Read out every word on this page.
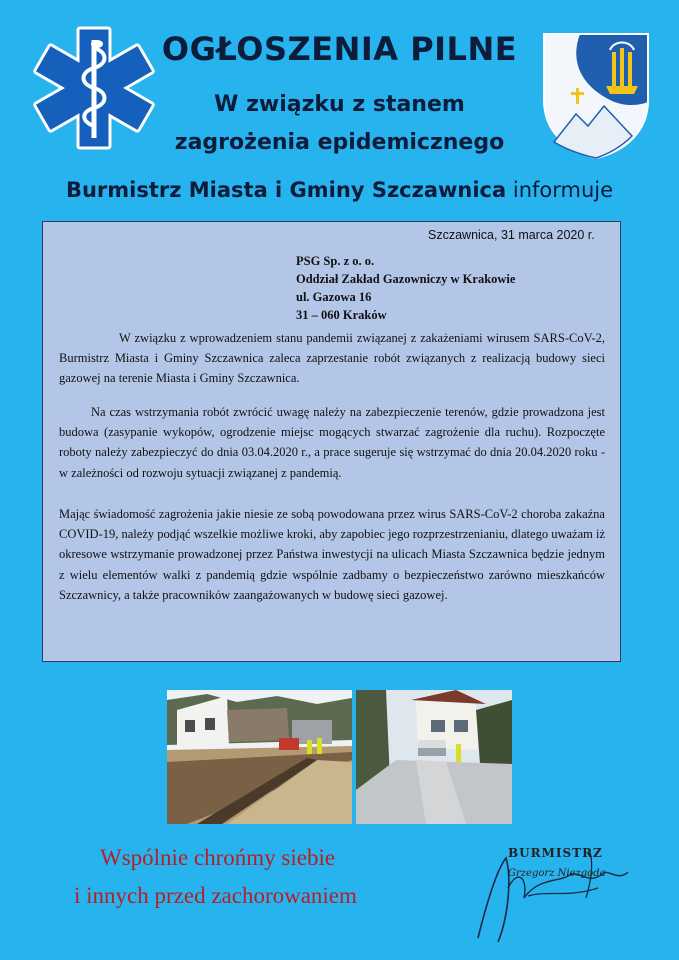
OGŁOSZENIA PILNE
W związku z stanem
zagrożenia epidemicznego
Burmistrz Miasta i Gminy Szczawnica informuje
Szczawnica, 31 marca 2020 r.
PSG Sp. z o. o.
Oddział Zakład Gazowniczy w Krakowie
ul. Gazowa 16
31 – 060 Kraków
W związku z wprowadzeniem stanu pandemii związanej z zakażeniami wirusem SARS-CoV-2, Burmistrz Miasta i Gminy Szczawnica zaleca zaprzestanie robót związanych z realizacją budowy sieci gazowej na terenie Miasta i Gminy Szczawnica.
Na czas wstrzymania robót zwrócić uwagę należy na zabezpieczenie terenów, gdzie prowadzona jest budowa (zasypanie wykopów, ogrodzenie miejsc mogących stwarzać zagrożenie dla ruchu). Rozpoczęte roboty należy zabezpieczyć do dnia 03.04.2020 r., a prace sugeruje się wstrzymać do dnia 20.04.2020 roku - w zależności od rozwoju sytuacji związanej z pandemią.
Mając świadomość zagrożenia jakie niesie ze sobą powodowana przez wirus SARS-CoV-2 choroba zakaźna COVID-19, należy podjąć wszelkie możliwe kroki, aby zapobiec jego rozprzestrzenianiu, dlatego uważam iż okresowe wstrzymanie prowadzonej przez Państwa inwestycji na ulicach Miasta Szczawnica będzie jednym z wielu elementów walki z pandemią gdzie wspólnie zadbamy o bezpieczeństwo zarówno mieszkańców Szczawnicy, a także pracowników zaangażowanych w budowę sieci gazowej.
Wspólnie chrońmy siebie
i innych przed zachorowaniem
BURMISTRZ
Grzegorz Niezgoda
